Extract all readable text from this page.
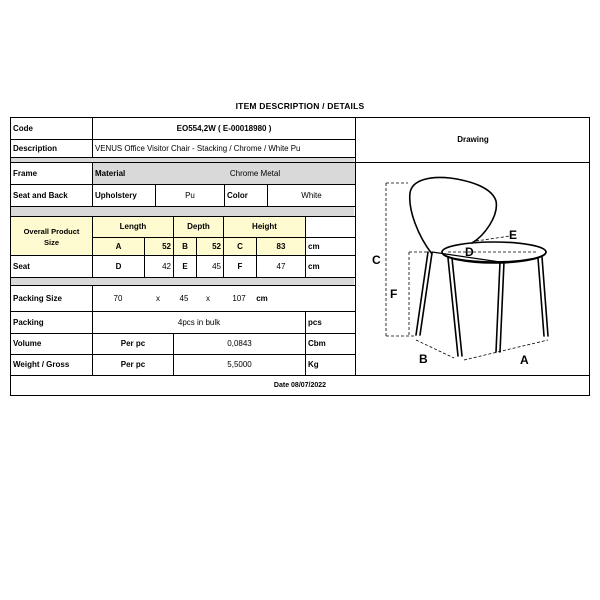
ITEM DESCRIPTION / DETAILS
Code	EO554,2W ( E-00018980 )
Description	VENUS Office Visitor Chair - Stacking / Chrome / White Pu
Drawing
Frame	Material	Chrome Metal
Seat and Back	Upholstery	Pu	Color	White
Overall Product
Size
Length	Depth	Height
A	52	B	52	C	83	cm
Seat	D	42	E	45	F	47	cm
Packing Size	70	x	45	x	107	cm
Packing	4pcs in bulk	pcs
Volume	Per pc	0,0843	Cbm
Weight / Gross	Per pc	5,5000	Kg
Date 08/07/2022
C
F
D
E
B	A
